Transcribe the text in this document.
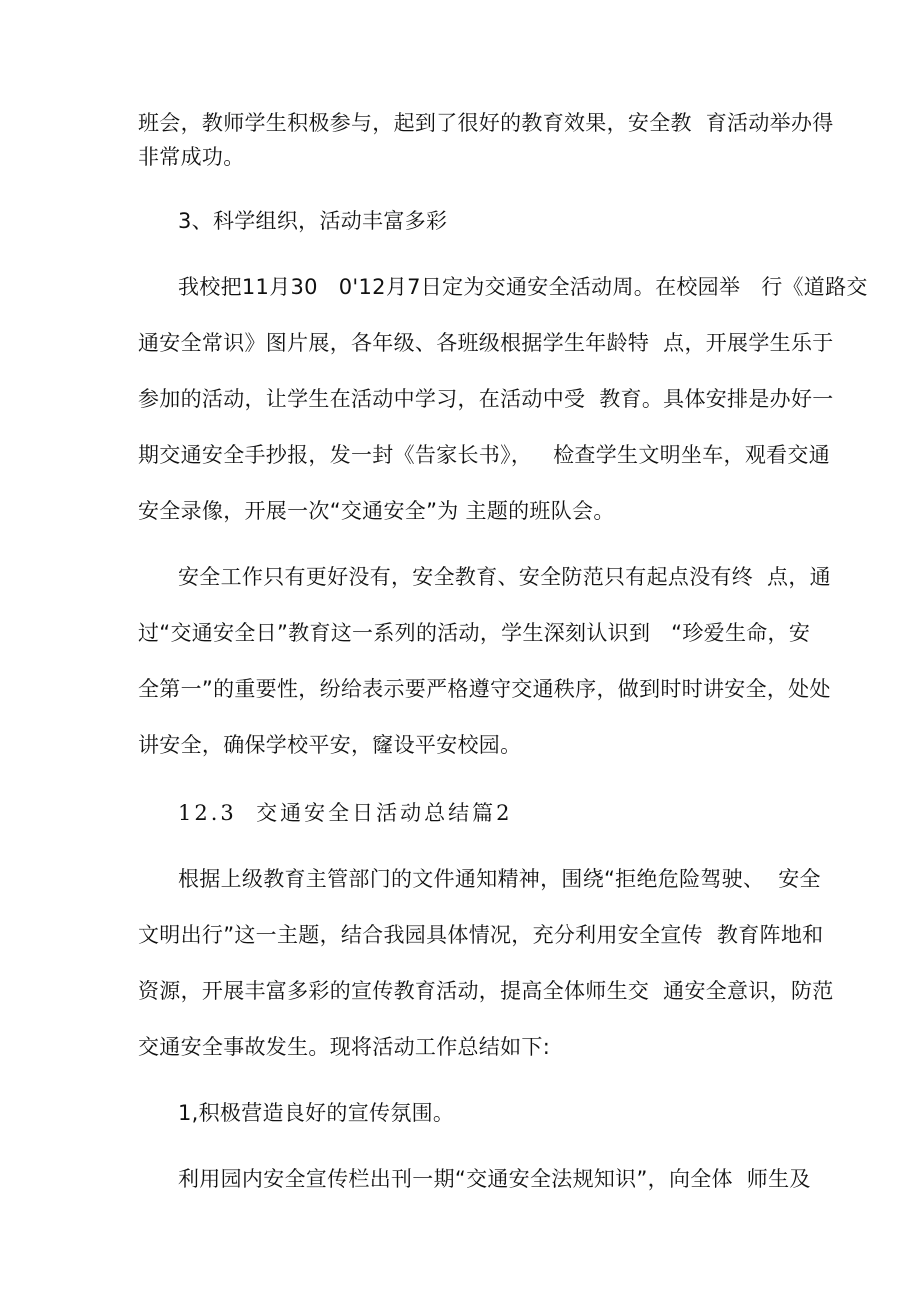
班会，教师学生积极参与，起到了很好的教育效果，安全教  育活动举办得
非常成功。
3、科学组织，活动丰富多彩
我校把11月30   0'12月7日定为交通安全活动周。在校园举   行《道路交
通安全常识》图片展，各年级、各班级根据学生年龄特  点，开展学生乐于
参加的活动，让学生在活动中学习，在活动中受  教育。具体安排是办好一
期交通安全手抄报，发一封《告家长书》，   检查学生文明坐车，观看交通
安全录像，开展一次“交通安全”为 主题的班队会。
安全工作只有更好没有，安全教育、安全防范只有起点没有终  点，通
过“交通安全日”教育这一系列的活动，学生深刻认识到   “珍爱生命，安
全第一”的重要性，纷给表示要严格遵守交通秩序，做到时时讲安全，处处
讲安全，确保学校平安，窿设平安校园。
12.3  交通安全日活动总结篇2
根据上级教育主管部门的文件通知精神，围绕“拒绝危险驾驶、  安全
文明出行”这一主题，结合我园具体情况，充分利用安全宣传  教育阵地和
资源，开展丰富多彩的宣传教育活动，提高全体师生交  通安全意识，防范
交通安全事故发生。现将活动工作总结如下:
1,积极营造良好的宣传氛围。
利用园内安全宣传栏出刊一期“交通安全法规知识”，向全体  师生及
